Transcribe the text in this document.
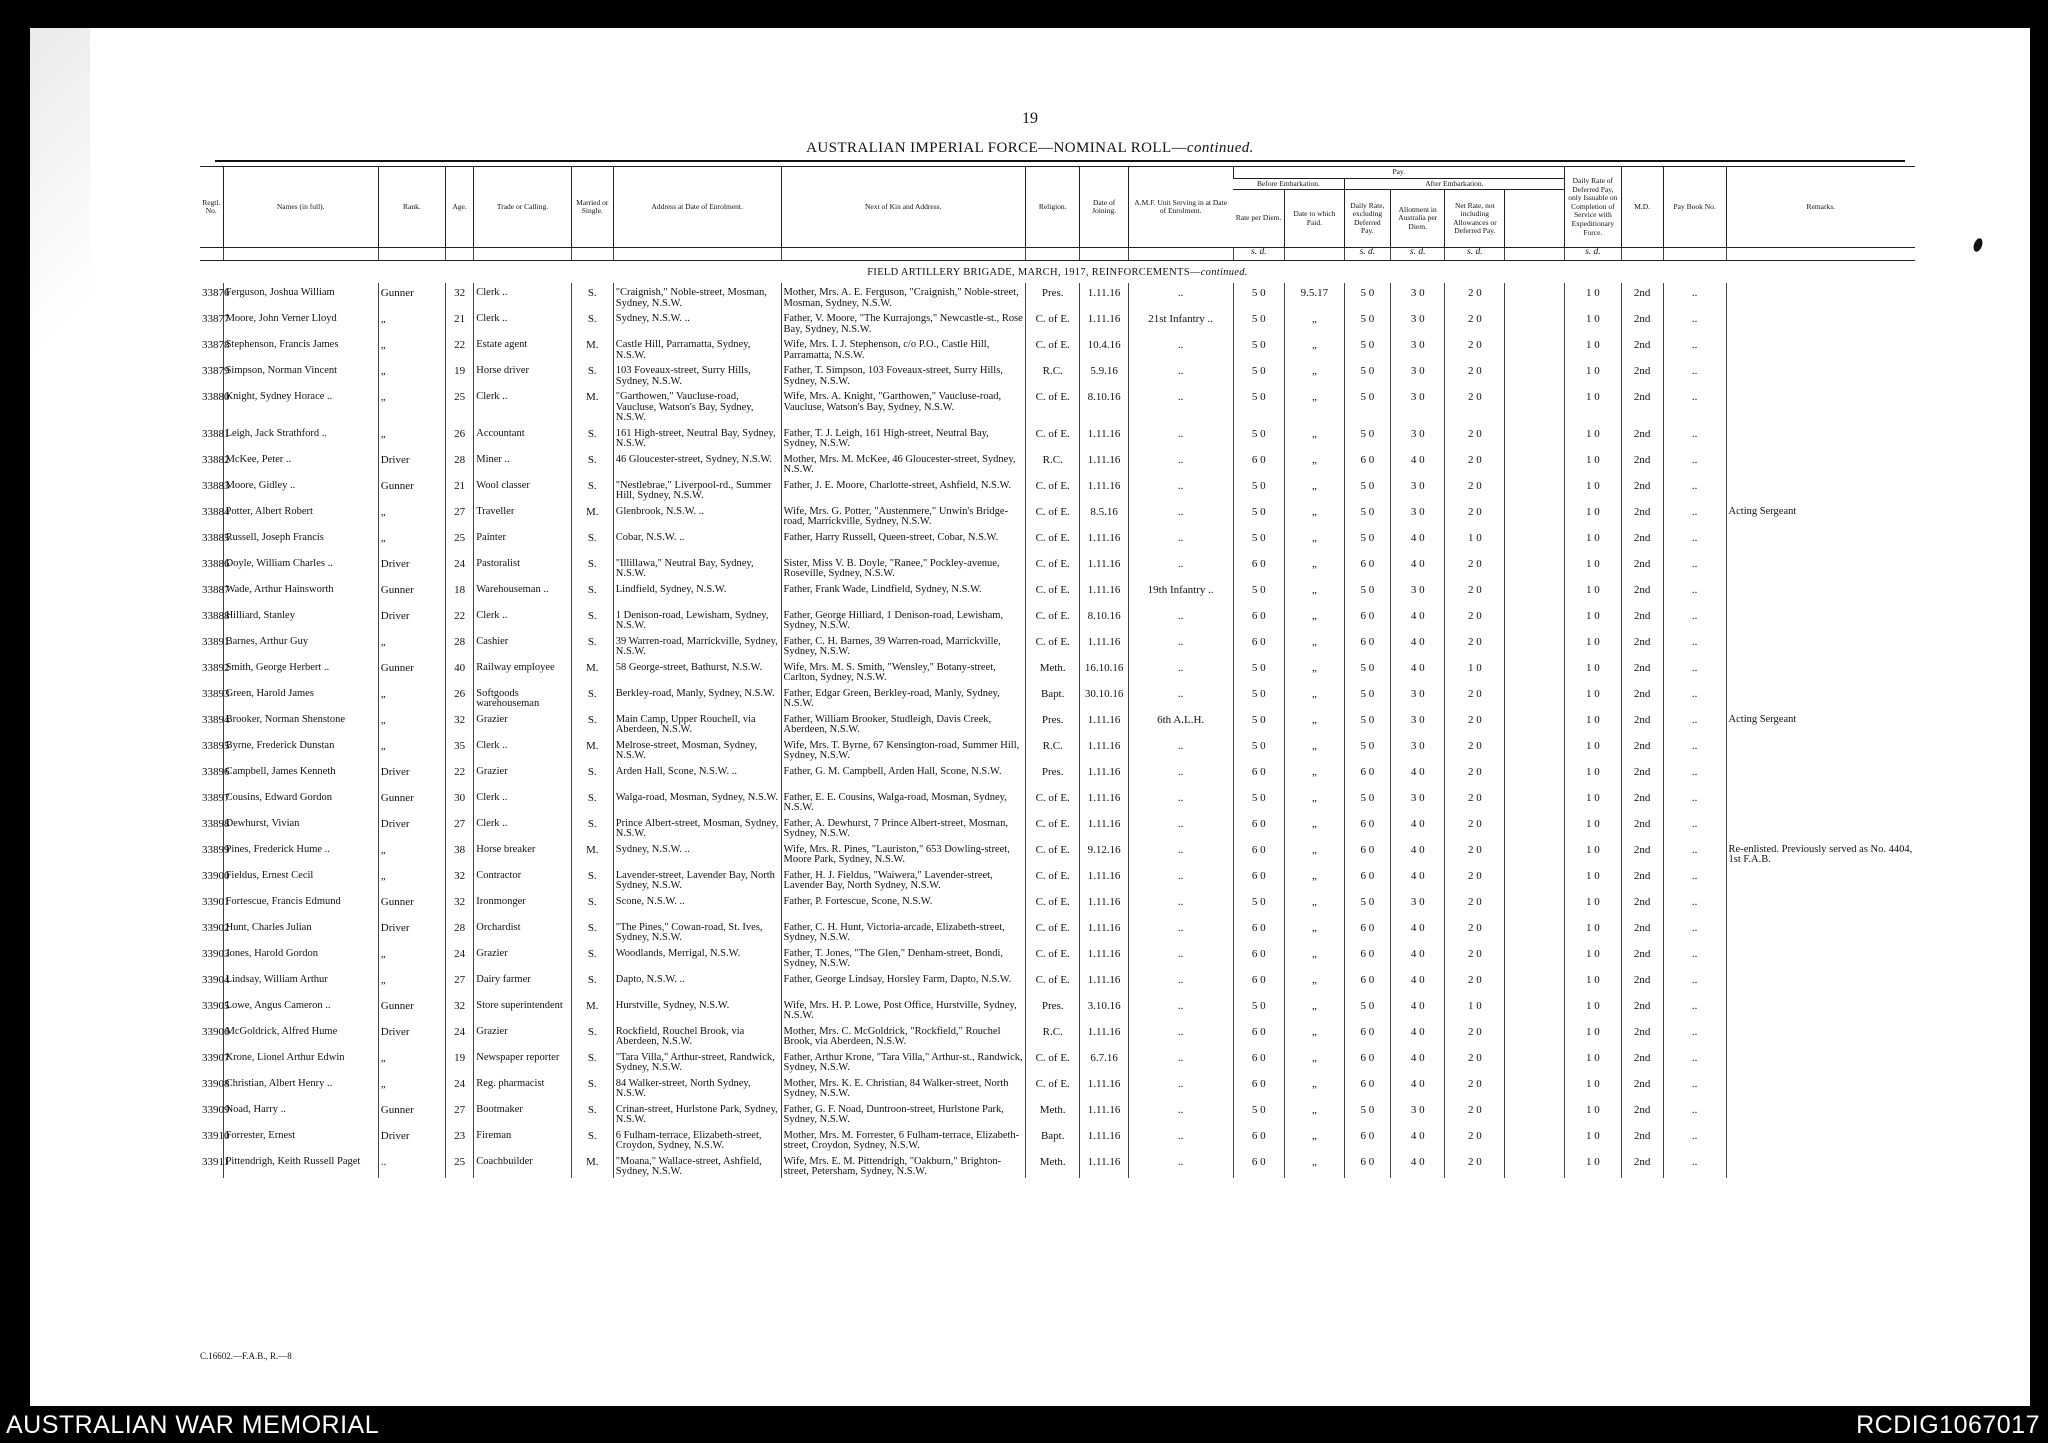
19
AUSTRALIAN IMPERIAL FORCE—NOMINAL ROLL—continued.
Regtl. No.	Names (in full).	Rank.	Age.	Trade or Calling.	Married or Single.	Address at Date of Enrolment.	Next of Kin and Address.	Religion.	Date of Joining.	A.M.F. Unit Serving in at Date of Enrolment.	Pay.						Daily Rate of Deferred Pay, only Issuable on Completion of Service with Expeditionary Force.	M.D.	Pay Book No.	Remarks.
											Before Embarkation.		After Embarkation.							
											Rate per Diem.	Date to which Paid.	Daily Rate, excluding Deferred Pay.	Allotment in Australia per Diem.	Net Rate, not including Allowances or Deferred Pay.					
											s. d.		s. d.	s. d.	s. d.		s. d.			
FIELD ARTILLERY BRIGADE, MARCH, 1917, REINFORCEMENTS—continued.																				
33876	Ferguson, Joshua William	Gunner	32	Clerk ..	S.	"Craignish," Noble-street, Mosman, Sydney, N.S.W.	Mother, Mrs. A. E. Ferguson, "Craignish," Noble-street, Mosman, Sydney, N.S.W.	Pres.	1.11.16	..	5 0	9.5.17	5 0	3 0	2 0		1 0	2nd	..	
33877	Moore, John Verner Lloyd	„	21	Clerk ..	S.	Sydney, N.S.W. ..	Father, V. Moore, "The Kurrajongs," Newcastle-st., Rose Bay, Sydney, N.S.W.	C. of E.	1.11.16	21st Infantry ..	5 0	„	5 0	3 0	2 0		1 0	2nd	..	
33878	Stephenson, Francis James	„	22	Estate agent	M.	Castle Hill, Parramatta, Sydney, N.S.W.	Wife, Mrs. I. J. Stephenson, c/o P.O., Castle Hill, Parramatta, N.S.W.	C. of E.	10.4.16	..	5 0	„	5 0	3 0	2 0		1 0	2nd	..	
33879	Simpson, Norman Vincent	„	19	Horse driver	S.	103 Foveaux-street, Surry Hills, Sydney, N.S.W.	Father, T. Simpson, 103 Foveaux-street, Surry Hills, Sydney, N.S.W.	R.C.	5.9.16	..	5 0	„	5 0	3 0	2 0		1 0	2nd	..	
33880	Knight, Sydney Horace ..	„	25	Clerk ..	M.	"Garthowen," Vaucluse-road, Vaucluse, Watson's Bay, Sydney, N.S.W.	Wife, Mrs. A. Knight, "Garthowen," Vaucluse-road, Vaucluse, Watson's Bay, Sydney, N.S.W.	C. of E.	8.10.16	..	5 0	„	5 0	3 0	2 0		1 0	2nd	..	
33881	Leigh, Jack Strathford ..	„	26	Accountant	S.	161 High-street, Neutral Bay, Sydney, N.S.W.	Father, T. J. Leigh, 161 High-street, Neutral Bay, Sydney, N.S.W.	C. of E.	1.11.16	..	5 0	„	5 0	3 0	2 0		1 0	2nd	..	
33882	McKee, Peter ..	Driver	28	Miner ..	S.	46 Gloucester-street, Sydney, N.S.W.	Mother, Mrs. M. McKee, 46 Gloucester-street, Sydney, N.S.W.	R.C.	1.11.16	..	6 0	„	6 0	4 0	2 0		1 0	2nd	..	
33883	Moore, Gidley ..	Gunner	21	Wool classer	S.	"Nestlebrae," Liverpool-rd., Summer Hill, Sydney, N.S.W.	Father, J. E. Moore, Charlotte-street, Ashfield, N.S.W.	C. of E.	1.11.16	..	5 0	„	5 0	3 0	2 0		1 0	2nd	..	
33884	Potter, Albert Robert	„	27	Traveller	M.	Glenbrook, N.S.W. ..	Wife, Mrs. G. Potter, "Austenmere," Unwin's Bridge-road, Marrickville, Sydney, N.S.W.	C. of E.	8.5.16	..	5 0	„	5 0	3 0	2 0		1 0	2nd	..	Acting Sergeant
33885	Russell, Joseph Francis	„	25	Painter	S.	Cobar, N.S.W. ..	Father, Harry Russell, Queen-street, Cobar, N.S.W.	C. of E.	1.11.16	..	5 0	„	5 0	4 0	1 0		1 0	2nd	..	
33886	Doyle, William Charles ..	Driver	24	Pastoralist	S.	"Illillawa," Neutral Bay, Sydney, N.S.W.	Sister, Miss V. B. Doyle, "Ranee," Pockley-avenue, Roseville, Sydney, N.S.W.	C. of E.	1.11.16	..	6 0	„	6 0	4 0	2 0		1 0	2nd	..	
33887	Wade, Arthur Hainsworth	Gunner	18	Warehouseman ..	S.	Lindfield, Sydney, N.S.W.	Father, Frank Wade, Lindfield, Sydney, N.S.W.	C. of E.	1.11.16	19th Infantry ..	5 0	„	5 0	3 0	2 0		1 0	2nd	..	
33888	Hilliard, Stanley	Driver	22	Clerk ..	S.	1 Denison-road, Lewisham, Sydney, N.S.W.	Father, George Hilliard, 1 Denison-road, Lewisham, Sydney, N.S.W.	C. of E.	8.10.16	..	6 0	„	6 0	4 0	2 0		1 0	2nd	..	
33891	Barnes, Arthur Guy	„	28	Cashier	S.	39 Warren-road, Marrickville, Sydney, N.S.W.	Father, C. H. Barnes, 39 Warren-road, Marrickville, Sydney, N.S.W.	C. of E.	1.11.16	..	6 0	„	6 0	4 0	2 0		1 0	2nd	..	
33892	Smith, George Herbert ..	Gunner	40	Railway employee	M.	58 George-street, Bathurst, N.S.W.	Wife, Mrs. M. S. Smith, "Wensley," Botany-street, Carlton, Sydney, N.S.W.	Meth.	16.10.16	..	5 0	„	5 0	4 0	1 0		1 0	2nd	..	
33893	Green, Harold James	„	26	Softgoods warehouseman	S.	Berkley-road, Manly, Sydney, N.S.W.	Father, Edgar Green, Berkley-road, Manly, Sydney, N.S.W.	Bapt.	30.10.16	..	5 0	„	5 0	3 0	2 0		1 0	2nd	..	
33894	Brooker, Norman Shenstone	„	32	Grazier	S.	Main Camp, Upper Rouchell, via Aberdeen, N.S.W.	Father, William Brooker, Studleigh, Davis Creek, Aberdeen, N.S.W.	Pres.	1.11.16	6th A.L.H.	5 0	„	5 0	3 0	2 0		1 0	2nd	..	Acting Sergeant
33895	Byrne, Frederick Dunstan	„	35	Clerk ..	M.	Melrose-street, Mosman, Sydney, N.S.W.	Wife, Mrs. T. Byrne, 67 Kensington-road, Summer Hill, Sydney, N.S.W.	R.C.	1.11.16	..	5 0	„	5 0	3 0	2 0		1 0	2nd	..	
33896	Campbell, James Kenneth	Driver	22	Grazier	S.	Arden Hall, Scone, N.S.W. ..	Father, G. M. Campbell, Arden Hall, Scone, N.S.W.	Pres.	1.11.16	..	6 0	„	6 0	4 0	2 0		1 0	2nd	..	
33897	Cousins, Edward Gordon	Gunner	30	Clerk ..	S.	Walga-road, Mosman, Sydney, N.S.W.	Father, E. E. Cousins, Walga-road, Mosman, Sydney, N.S.W.	C. of E.	1.11.16	..	5 0	„	5 0	3 0	2 0		1 0	2nd	..	
33898	Dewhurst, Vivian	Driver	27	Clerk ..	S.	Prince Albert-street, Mosman, Sydney, N.S.W.	Father, A. Dewhurst, 7 Prince Albert-street, Mosman, Sydney, N.S.W.	C. of E.	1.11.16	..	6 0	„	6 0	4 0	2 0		1 0	2nd	..	
33899	Pines, Frederick Hume ..	„	38	Horse breaker	M.	Sydney, N.S.W. ..	Wife, Mrs. R. Pines, "Lauriston," 653 Dowling-street, Moore Park, Sydney, N.S.W.	C. of E.	9.12.16	..	6 0	„	6 0	4 0	2 0		1 0	2nd	..	Re-enlisted. Previously served as No. 4404, 1st F.A.B.
33900	Fieldus, Ernest Cecil	„	32	Contractor	S.	Lavender-street, Lavender Bay, North Sydney, N.S.W.	Father, H. J. Fieldus, "Waiwera," Lavender-street, Lavender Bay, North Sydney, N.S.W.	C. of E.	1.11.16	..	6 0	„	6 0	4 0	2 0		1 0	2nd	..	
33901	Fortescue, Francis Edmund	Gunner	32	Ironmonger	S.	Scone, N.S.W. ..	Father, P. Fortescue, Scone, N.S.W.	C. of E.	1.11.16	..	5 0	„	5 0	3 0	2 0		1 0	2nd	..	
33902	Hunt, Charles Julian	Driver	28	Orchardist	S.	"The Pines," Cowan-road, St. Ives, Sydney, N.S.W.	Father, C. H. Hunt, Victoria-arcade, Elizabeth-street, Sydney, N.S.W.	C. of E.	1.11.16	..	6 0	„	6 0	4 0	2 0		1 0	2nd	..	
33903	Jones, Harold Gordon	„	24	Grazier	S.	Woodlands, Merrigal, N.S.W.	Father, T. Jones, "The Glen," Denham-street, Bondi, Sydney, N.S.W.	C. of E.	1.11.16	..	6 0	„	6 0	4 0	2 0		1 0	2nd	..	
33904	Lindsay, William Arthur	„	27	Dairy farmer	S.	Dapto, N.S.W. ..	Father, George Lindsay, Horsley Farm, Dapto, N.S.W.	C. of E.	1.11.16	..	6 0	„	6 0	4 0	2 0		1 0	2nd	..	
33905	Lowe, Angus Cameron ..	Gunner	32	Store superintendent	M.	Hurstville, Sydney, N.S.W.	Wife, Mrs. H. P. Lowe, Post Office, Hurstville, Sydney, N.S.W.	Pres.	3.10.16	..	5 0	„	5 0	4 0	1 0		1 0	2nd	..	
33906	McGoldrick, Alfred Hume	Driver	24	Grazier	S.	Rockfield, Rouchel Brook, via Aberdeen, N.S.W.	Mother, Mrs. C. McGoldrick, "Rockfield," Rouchel Brook, via Aberdeen, N.S.W.	R.C.	1.11.16	..	6 0	„	6 0	4 0	2 0		1 0	2nd	..	
33907	Krone, Lionel Arthur Edwin	„	19	Newspaper reporter	S.	"Tara Villa," Arthur-street, Randwick, Sydney, N.S.W.	Father, Arthur Krone, "Tara Villa," Arthur-st., Randwick, Sydney, N.S.W.	C. of E.	6.7.16	..	6 0	„	6 0	4 0	2 0		1 0	2nd	..	
33908	Christian, Albert Henry ..	„	24	Reg. pharmacist	S.	84 Walker-street, North Sydney, N.S.W.	Mother, Mrs. K. E. Christian, 84 Walker-street, North Sydney, N.S.W.	C. of E.	1.11.16	..	6 0	„	6 0	4 0	2 0		1 0	2nd	..	
33909	Noad, Harry ..	Gunner	27	Bootmaker	S.	Crinan-street, Hurlstone Park, Sydney, N.S.W.	Father, G. F. Noad, Duntroon-street, Hurlstone Park, Sydney, N.S.W.	Meth.	1.11.16	..	5 0	„	5 0	3 0	2 0		1 0	2nd	..	
33910	Forrester, Ernest	Driver	23	Fireman	S.	6 Fulham-terrace, Elizabeth-street, Croydon, Sydney, N.S.W.	Mother, Mrs. M. Forrester, 6 Fulham-terrace, Elizabeth-street, Croydon, Sydney, N.S.W.	Bapt.	1.11.16	..	6 0	„	6 0	4 0	2 0		1 0	2nd	..	
33911	Pittendrigh, Keith Russell Paget	..	25	Coachbuilder	M.	"Moana," Wallace-street, Ashfield, Sydney, N.S.W.	Wife, Mrs. E. M. Pittendrigh, "Oakburn," Brighton-street, Petersham, Sydney, N.S.W.	Meth.	1.11.16	..	6 0	„	6 0	4 0	2 0		1 0	2nd	..	
C.16602.—F.A.B., R.—8
AUSTRALIAN WAR MEMORIAL	RCDIG1067017
